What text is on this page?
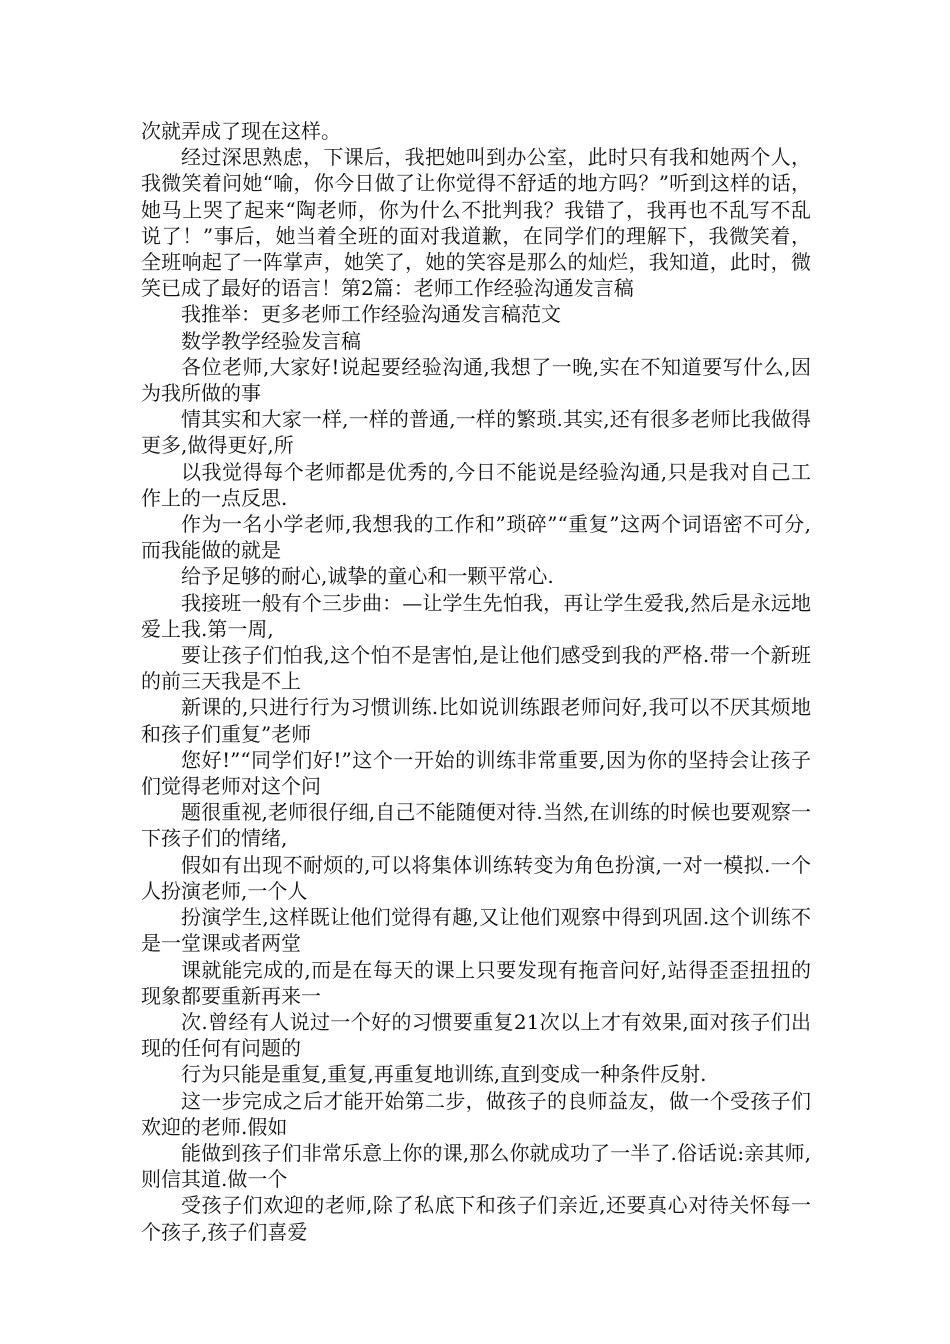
次就弄成了现在这样。

经过深思熟虑，下课后，我把她叫到办公室，此时只有我和她两个人，我微笑着问她“喻，你今日做了让你觉得不舒适的地方吗？”听到这样的话，她马上哭了起来“陶老师，你为什么不批判我？我错了，我再也不乱写不乱说了！”事后，她当着全班的面对我道歉，在同学们的理解下，我微笑着，全班响起了一阵掌声，她笑了，她的笑容是那么的灿烂，我知道，此时，微笑已成了最好的语言！第2篇：老师工作经验沟通发言稿

我推举：更多老师工作经验沟通发言稿范文

数学教学经验发言稿

各位老师,大家好!说起要经验沟通,我想了一晚,实在不知道要写什么,因为我所做的事

情其实和大家一样,一样的普通,一样的繁琐.其实,还有很多老师比我做得更多,做得更好,所

以我觉得每个老师都是优秀的,今日不能说是经验沟通,只是我对自己工作上的一点反思.

作为一名小学老师,我想我的工作和”琐碎”“重复”这两个词语密不可分,而我能做的就是

给予足够的耐心,诚挚的童心和一颗平常心.

我接班一般有个三步曲：—让学生先怕我，再让学生爱我,然后是永远地爱上我.第一周,

要让孩子们怕我,这个怕不是害怕,是让他们感受到我的严格.带一个新班的前三天我是不上

新课的,只进行行为习惯训练.比如说训练跟老师问好,我可以不厌其烦地和孩子们重复”老师

您好!”“同学们好!”这个一开始的训练非常重要,因为你的坚持会让孩子们觉得老师对这个问

题很重视,老师很仔细,自己不能随便对待.当然,在训练的时候也要观察一下孩子们的情绪,

假如有出现不耐烦的,可以将集体训练转变为角色扮演,一对一模拟.一个人扮演老师,一个人

扮演学生,这样既让他们觉得有趣,又让他们观察中得到巩固.这个训练不是一堂课或者两堂

课就能完成的,而是在每天的课上只要发现有拖音问好,站得歪歪扭扭的现象都要重新再来一

次.曾经有人说过一个好的习惯要重复21次以上才有效果,面对孩子们出现的任何有问题的

行为只能是重复,重复,再重复地训练,直到变成一种条件反射.

这一步完成之后才能开始第二步，做孩子的良师益友，做一个受孩子们欢迎的老师.假如

能做到孩子们非常乐意上你的课,那么你就成功了一半了.俗话说:亲其师,则信其道.做一个

受孩子们欢迎的老师,除了私底下和孩子们亲近,还要真心对待关怀每一个孩子,孩子们喜爱
